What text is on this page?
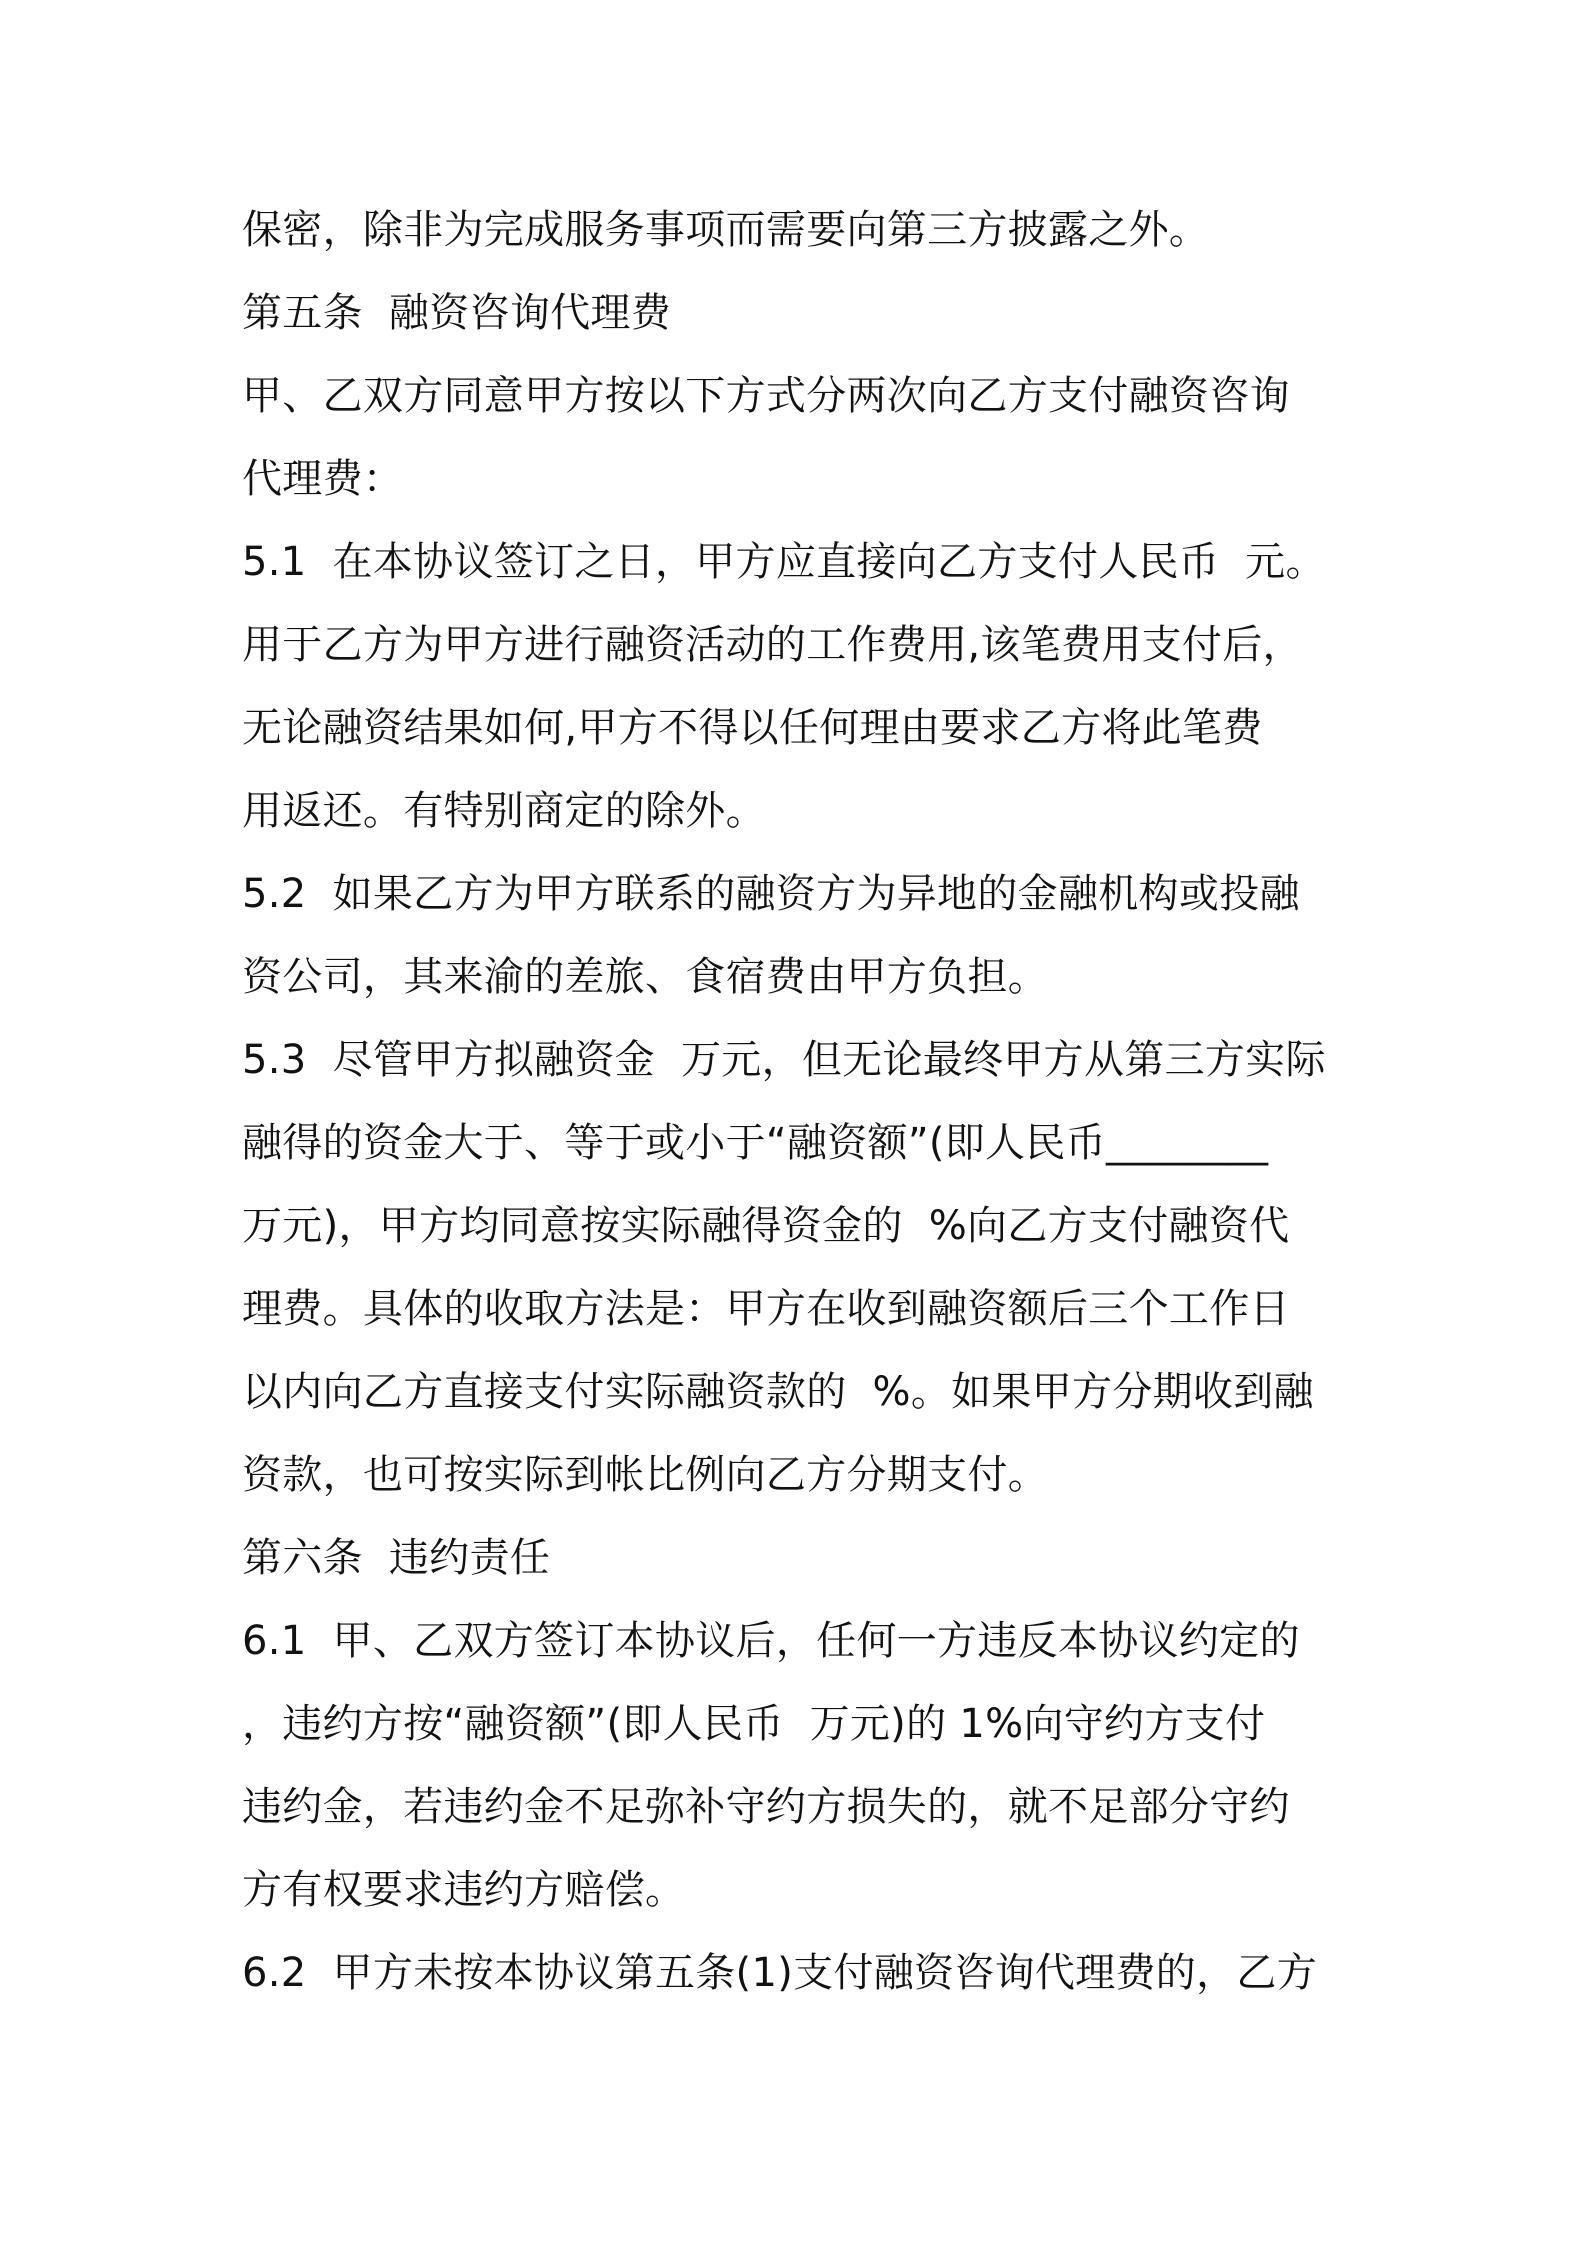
保密，除非为完成服务事项而需要向第三方披露之外。
第五条  融资咨询代理费
甲、乙双方同意甲方按以下方式分两次向乙方支付融资咨询
代理费：
5.1  在本协议签订之日，甲方应直接向乙方支付人民币  元。
用于乙方为甲方进行融资活动的工作费用,该笔费用支付后，
无论融资结果如何,甲方不得以任何理由要求乙方将此笔费
用返还。有特别商定的除外。
5.2  如果乙方为甲方联系的融资方为异地的金融机构或投融
资公司，其来渝的差旅、食宿费由甲方负担。
5.3  尽管甲方拟融资金  万元，但无论最终甲方从第三方实际
融得的资金大于、等于或小于“融资额”(即人民币________
万元)，甲方均同意按实际融得资金的  %向乙方支付融资代
理费。具体的收取方法是：甲方在收到融资额后三个工作日
以内向乙方直接支付实际融资款的  %。如果甲方分期收到融
资款，也可按实际到帐比例向乙方分期支付。
第六条  违约责任
6.1  甲、乙双方签订本协议后，任何一方违反本协议约定的
，违约方按“融资额”(即人民币  万元)的 1%向守约方支付
违约金，若违约金不足弥补守约方损失的，就不足部分守约
方有权要求违约方赔偿。
6.2  甲方未按本协议第五条(1)支付融资咨询代理费的，乙方
